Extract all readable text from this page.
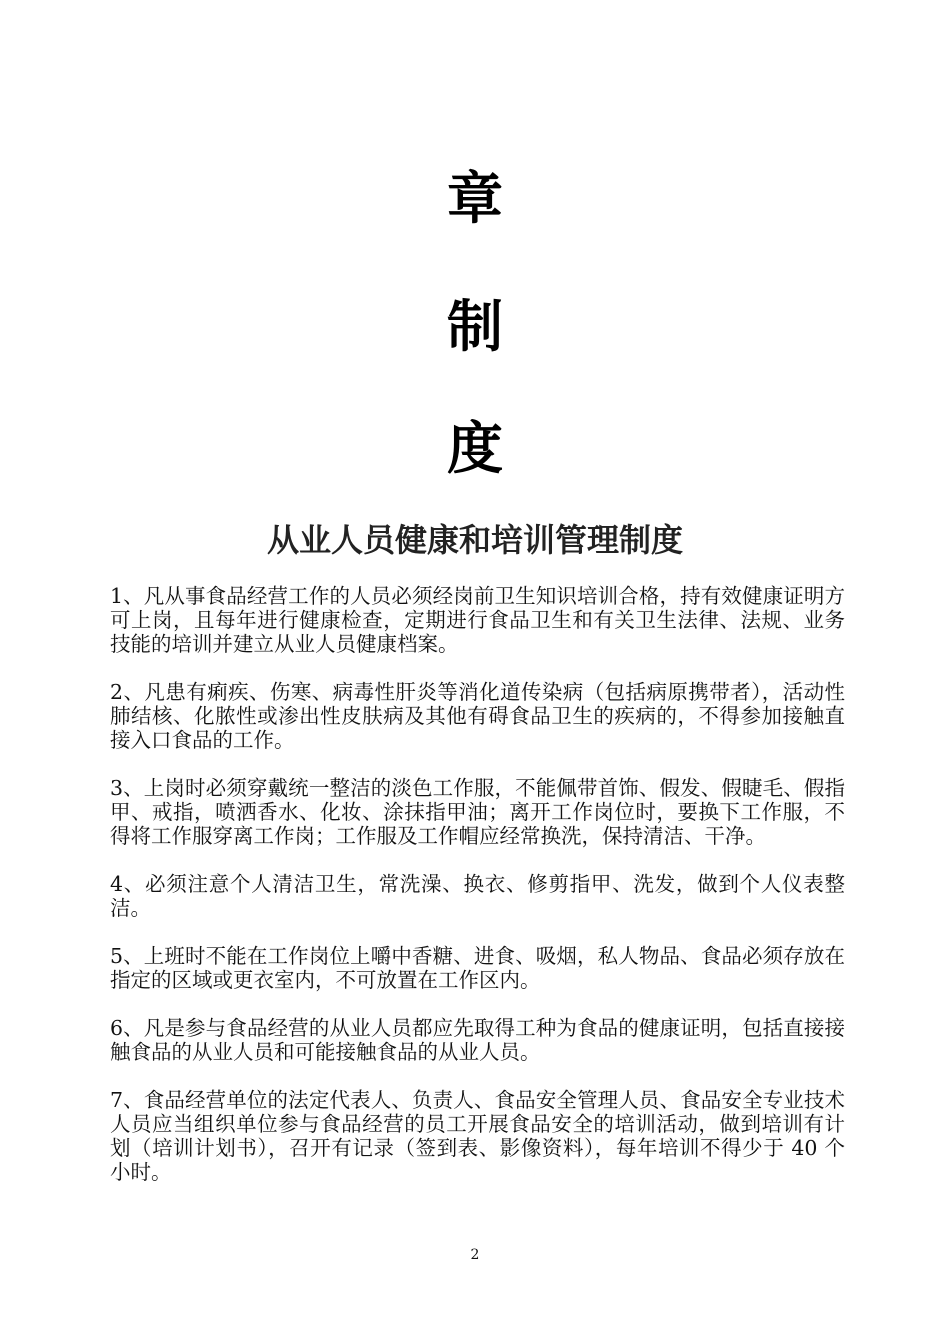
章
制
度
从业人员健康和培训管理制度

1、凡从事食品经营工作的人员必须经岗前卫生知识培训合格，持有效健康证明方可上岗，且每年进行健康检查，定期进行食品卫生和有关卫生法律、法规、业务技能的培训并建立从业人员健康档案。

2、凡患有痢疾、伤寒、病毒性肝炎等消化道传染病（包括病原携带者），活动性肺结核、化脓性或渗出性皮肤病及其他有碍食品卫生的疾病的，不得参加接触直接入口食品的工作。

3、上岗时必须穿戴统一整洁的淡色工作服，不能佩带首饰、假发、假睫毛、假指甲、戒指，喷洒香水、化妆、涂抹指甲油；离开工作岗位时，要换下工作服，不得将工作服穿离工作岗；工作服及工作帽应经常换洗，保持清洁、干净。

4、必须注意个人清洁卫生，常洗澡、换衣、修剪指甲、洗发，做到个人仪表整洁。

5、上班时不能在工作岗位上嚼中香糖、进食、吸烟，私人物品、食品必须存放在指定的区域或更衣室内，不可放置在工作区内。

6、凡是参与食品经营的从业人员都应先取得工种为食品的健康证明，包括直接接触食品的从业人员和可能接触食品的从业人员。

7、食品经营单位的法定代表人、负责人、食品安全管理人员、食品安全专业技术人员应当组织单位参与食品经营的员工开展食品安全的培训活动，做到培训有计划（培训计划书），召开有记录（签到表、影像资料），每年培训不得少于 40 个小时。

2
